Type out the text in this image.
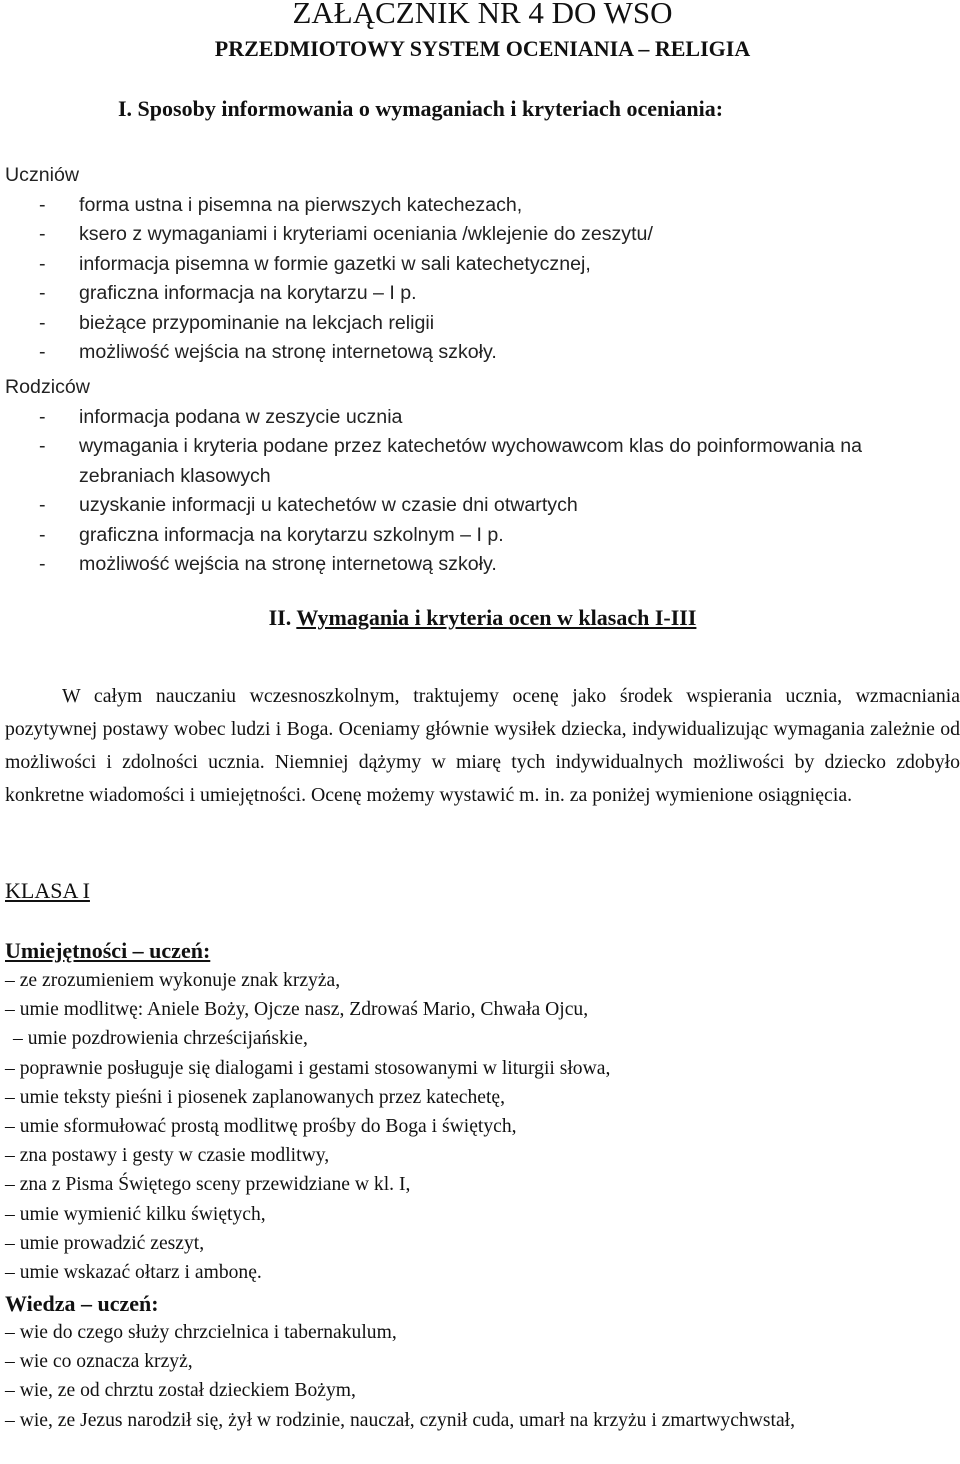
ZAŁĄCZNIK NR 4 DO WSO
PRZEDMIOTOWY SYSTEM OCENIANIA – RELIGIA
I. Sposoby informowania o wymaganiach i kryteriach oceniania:

Uczniów

- forma ustna i pisemna na pierwszych katechezach,
- ksero z wymaganiami i kryteriami oceniania /wklejenie do zeszytu/
- informacja pisemna w formie gazetki w sali katechetycznej,
- graficzna informacja na korytarzu – I p.
- bieżące przypominanie na lekcjach religii
- możliwość wejścia na stronę internetową szkoły.

Rodziców

- informacja podana w zeszycie ucznia
- wymagania i kryteria podane przez katechetów wychowawcom klas do poinformowania na zebraniach klasowych
- uzyskanie informacji u katechetów w czasie dni otwartych
- graficzna informacja na korytarzu szkolnym – I p.
- możliwość wejścia na stronę internetową szkoły.
II. Wymagania i kryteria ocen w klasach I-III

W całym nauczaniu wczesnoszkolnym, traktujemy ocenę jako środek wspierania ucznia, wzmacniania pozytywnej postawy wobec ludzi i Boga. Oceniamy głównie wysiłek dziecka, indywidualizując wymagania zależnie od możliwości i zdolności ucznia. Niemniej dążymy w miarę tych indywidualnych możliwości by dziecko zdobyło konkretne wiadomości i umiejętności. Ocenę możemy wystawić m. in. za poniżej wymienione osiągnięcia.

KLASA I
Umiejętności – uczeń:
– ze zrozumieniem wykonuje znak krzyża,
– umie modlitwę: Aniele Boży, Ojcze nasz, Zdrowaś Mario, Chwała Ojcu,
– umie pozdrowienia chrześcijańskie,
– poprawnie posługuje się dialogami i gestami stosowanymi w liturgii słowa,
– umie teksty pieśni i piosenek zaplanowanych przez katechetę,
– umie sformułować prostą modlitwę prośby do Boga i świętych,
– zna postawy i gesty w czasie modlitwy,
– zna z Pisma Świętego sceny przewidziane w kl. I,
– umie wymienić kilku świętych,
– umie prowadzić zeszyt,
– umie wskazać ołtarz i ambonę.
Wiedza – uczeń:
– wie do czego służy chrzcielnica i tabernakulum,
– wie co oznacza krzyż,
– wie, ze od chrztu został dzieckiem Bożym,
– wie, ze Jezus narodził się, żył w rodzinie, nauczał, czynił cuda, umarł na krzyżu i zmartwychwstał,
